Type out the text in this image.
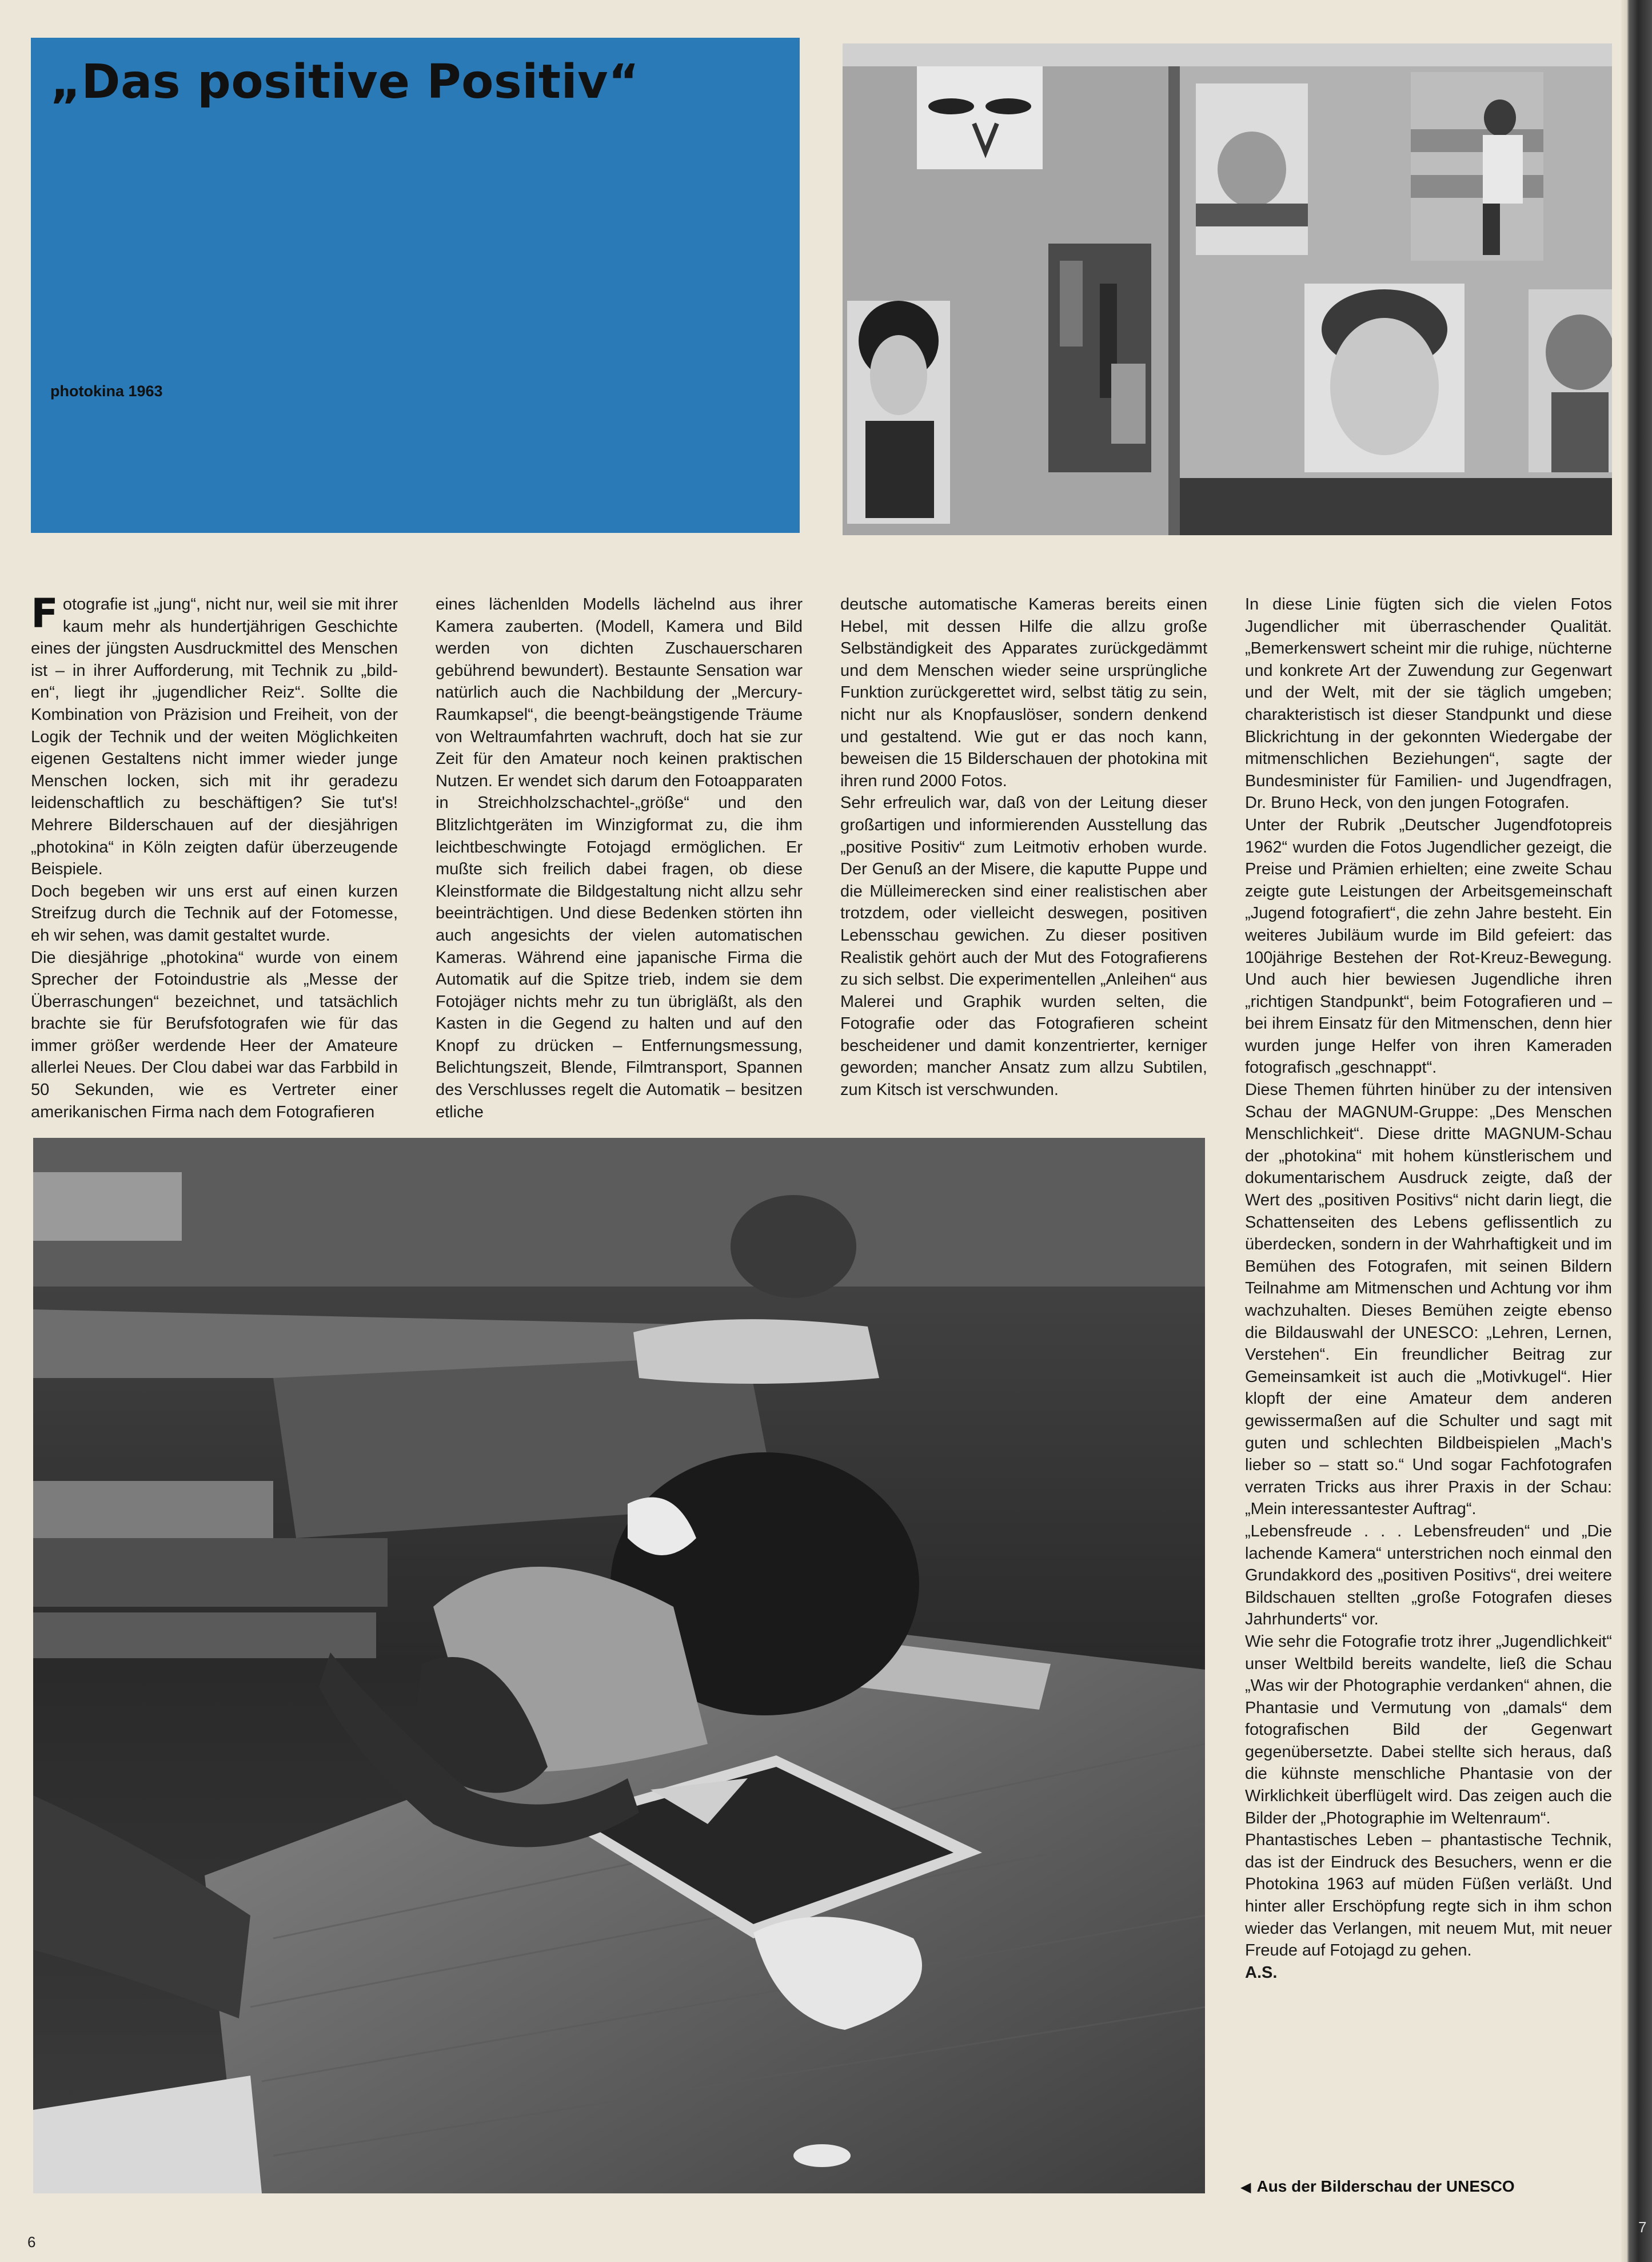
„Das positive Positiv“
photokina 1963

Fotografie ist „jung“, nicht nur, weil sie mit ihrer kaum mehr als hundertjährigen Geschichte eines der jüngsten Ausdruckmittel des Menschen ist – in ihrer Aufforderung, mit Technik zu „bild-en“, liegt ihr „jugendlicher Reiz“. Sollte die Kombination von Präzision und Freiheit, von der Logik der Technik und der weiten Möglichkeiten eigenen Gestaltens nicht immer wieder junge Menschen locken, sich mit ihr geradezu leidenschaftlich zu beschäftigen? Sie tut's! Mehrere Bilderschauen auf der diesjährigen „photokina“ in Köln zeigten dafür überzeugende Beispiele.

Doch begeben wir uns erst auf einen kurzen Streifzug durch die Technik auf der Fotomesse, eh wir sehen, was damit gestaltet wurde.

Die diesjährige „photokina“ wurde von einem Sprecher der Fotoindustrie als „Messe der Überraschungen“ bezeichnet, und tatsächlich brachte sie für Berufsfotografen wie für das immer größer werdende Heer der Amateure allerlei Neues. Der Clou dabei war das Farbbild in 50 Sekunden, wie es Vertreter einer amerikanischen Firma nach dem Fotografieren

eines lächenlden Modells lächelnd aus ihrer Kamera zauberten. (Modell, Kamera und Bild werden von dichten Zuschauerscharen gebührend bewundert). Bestaunte Sensation war natürlich auch die Nachbildung der „Mercury-Raumkapsel“, die beengt-beängstigende Träume von Weltraumfahrten wachruft, doch hat sie zur Zeit für den Amateur noch keinen praktischen Nutzen. Er wendet sich darum den Fotoapparaten in Streichholzschachtel-„größe“ und den Blitzlichtgeräten im Winzigformat zu, die ihm leichtbeschwingte Fotojagd ermöglichen. Er mußte sich freilich dabei fragen, ob diese Kleinstformate die Bildgestaltung nicht allzu sehr beeinträchtigen. Und diese Bedenken störten ihn auch angesichts der vielen automatischen Kameras. Während eine japanische Firma die Automatik auf die Spitze trieb, indem sie dem Fotojäger nichts mehr zu tun übrigläßt, als den Kasten in die Gegend zu halten und auf den Knopf zu drücken – Entfernungsmessung, Belichtungszeit, Blende, Filmtransport, Spannen des Verschlusses regelt die Automatik – besitzen etliche

deutsche automatische Kameras bereits einen Hebel, mit dessen Hilfe die allzu große Selbständigkeit des Apparates zurückgedämmt und dem Menschen wieder seine ursprüngliche Funktion zurückgerettet wird, selbst tätig zu sein, nicht nur als Knopfauslöser, sondern denkend und gestaltend. Wie gut er das noch kann, beweisen die 15 Bilderschauen der photokina mit ihren rund 2000 Fotos.

Sehr erfreulich war, daß von der Leitung dieser großartigen und informierenden Ausstellung das „positive Positiv“ zum Leitmotiv erhoben wurde. Der Genuß an der Misere, die kaputte Puppe und die Mülleimerecken sind einer realistischen aber trotzdem, oder vielleicht deswegen, positiven Lebensschau gewichen. Zu dieser positiven Realistik gehört auch der Mut des Fotografierens zu sich selbst. Die experimentellen „Anleihen“ aus Malerei und Graphik wurden selten, die Fotografie oder das Fotografieren scheint bescheidener und damit konzentrierter, kerniger geworden; mancher Ansatz zum allzu Subtilen, zum Kitsch ist verschwunden.

In diese Linie fügten sich die vielen Fotos Jugendlicher mit überraschender Qualität. „Bemerkenswert scheint mir die ruhige, nüchterne und konkrete Art der Zuwendung zur Gegenwart und der Welt, mit der sie täglich umgeben; charakteristisch ist dieser Standpunkt und diese Blickrichtung in der gekonnten Wiedergabe der mitmenschlichen Beziehungen“, sagte der Bundesminister für Familien- und Jugendfragen, Dr. Bruno Heck, von den jungen Fotografen.

Unter der Rubrik „Deutscher Jugendfotopreis 1962“ wurden die Fotos Jugendlicher gezeigt, die Preise und Prämien erhielten; eine zweite Schau zeigte gute Leistungen der Arbeitsgemeinschaft „Jugend fotografiert“, die zehn Jahre besteht. Ein weiteres Jubiläum wurde im Bild gefeiert: das 100jährige Bestehen der Rot-Kreuz-Bewegung. Und auch hier bewiesen Jugendliche ihren „richtigen Standpunkt“, beim Fotografieren und – bei ihrem Einsatz für den Mitmenschen, denn hier wurden junge Helfer von ihren Kameraden fotografisch „geschnappt“.

Diese Themen führten hinüber zu der intensiven Schau der MAGNUM-Gruppe: „Des Menschen Menschlichkeit“. Diese dritte MAGNUM-Schau der „photokina“ mit hohem künstlerischem und dokumentarischem Ausdruck zeigte, daß der Wert des „positiven Positivs“ nicht darin liegt, die Schattenseiten des Lebens geflissentlich zu überdecken, sondern in der Wahrhaftigkeit und im Bemühen des Fotografen, mit seinen Bildern Teilnahme am Mitmenschen und Achtung vor ihm wachzuhalten. Dieses Bemühen zeigte ebenso die Bildauswahl der UNESCO: „Lehren, Lernen, Verstehen“. Ein freundlicher Beitrag zur Gemeinsamkeit ist auch die „Motivkugel“. Hier klopft der eine Amateur dem anderen gewissermaßen auf die Schulter und sagt mit guten und schlechten Bildbeispielen „Mach's lieber so – statt so.“ Und sogar Fachfotografen verraten Tricks aus ihrer Praxis in der Schau: „Mein interessantester Auftrag“.

„Lebensfreude . . . Lebensfreuden“ und „Die lachende Kamera“ unterstrichen noch einmal den Grundakkord des „positiven Positivs“, drei weitere Bildschauen stellten „große Fotografen dieses Jahrhunderts“ vor.

Wie sehr die Fotografie trotz ihrer „Jugendlichkeit“ unser Weltbild bereits wandelte, ließ die Schau „Was wir der Photographie verdanken“ ahnen, die Phantasie und Vermutung von „damals“ dem fotografischen Bild der Gegenwart gegenübersetzte. Dabei stellte sich heraus, daß die kühnste menschliche Phantasie von der Wirklichkeit überflügelt wird. Das zeigen auch die Bilder der „Photographie im Weltenraum“.

Phantastisches Leben – phantastische Technik, das ist der Eindruck des Besuchers, wenn er die Photokina 1963 auf müden Füßen verläßt. Und hinter aller Erschöpfung regte sich in ihm schon wieder das Verlangen, mit neuem Mut, mit neuer Freude auf Fotojagd zu gehen.

A.S.

◀ Aus der Bilderschau der UNESCO
6
7
